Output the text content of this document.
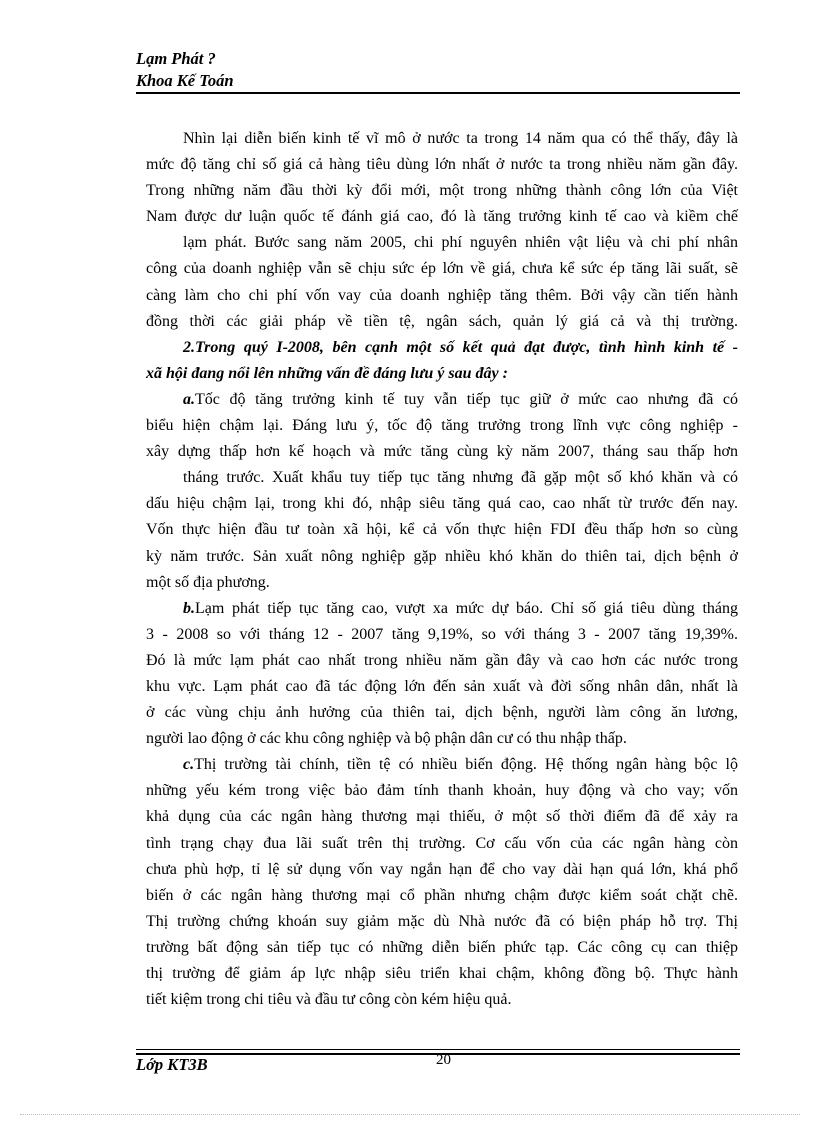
Lạm Phát ?
Khoa Kế Toán
Nhìn lại diễn biến kinh tế vĩ mô ở nước ta trong 14 năm qua có thể thấy, đây là
mức độ tăng chỉ số giá cả hàng tiêu dùng lớn nhất ở nước ta trong nhiều năm gần đây.
Trong những năm đầu thời kỳ đổi mới, một trong những thành công lớn của Việt
Nam được dư luận quốc tế đánh giá cao, đó là tăng trưởng kinh tế cao và kiềm chế
lạm phát. Bước sang năm 2005, chi phí nguyên nhiên vật liệu và chi phí nhân
công của doanh nghiệp vẫn sẽ chịu sức ép lớn về giá, chưa kể sức ép tăng lãi suất, sẽ
càng làm cho chi phí vốn vay của doanh nghiệp tăng thêm. Bởi vậy cần tiến hành
đồng thời các giải pháp về tiền tệ, ngân sách, quản lý giá cả và thị trường.
2.Trong quý I-2008, bên cạnh một số kết quả đạt được, tình hình kinh tế -
xã hội đang nổi lên những vấn đề đáng lưu ý sau đây :
a.Tốc độ tăng trưởng kinh tế tuy vẫn tiếp tục giữ ở mức cao nhưng đã có
biểu hiện chậm lại. Đáng lưu ý, tốc độ tăng trưởng trong lĩnh vực công nghiệp -
xây dựng thấp hơn kế hoạch và mức tăng cùng kỳ năm 2007, tháng sau thấp hơn
tháng trước. Xuất khẩu tuy tiếp tục tăng nhưng đã gặp một số khó khăn và có
dấu hiệu chậm lại, trong khi đó, nhập siêu tăng quá cao, cao nhất từ trước đến nay.
Vốn thực hiện đầu tư toàn xã hội, kể cả vốn thực hiện FDI đều thấp hơn so cùng
kỳ năm trước. Sản xuất nông nghiệp gặp nhiều khó khăn do thiên tai, dịch bệnh ở
một số địa phương.
b.Lạm phát tiếp tục tăng cao, vượt xa mức dự báo. Chỉ số giá tiêu dùng tháng
3 - 2008 so với tháng 12 - 2007 tăng 9,19%, so với tháng 3 - 2007 tăng 19,39%.
Đó là mức lạm phát cao nhất trong nhiều năm gần đây và cao hơn các nước trong
khu vực. Lạm phát cao đã tác động lớn đến sản xuất và đời sống nhân dân, nhất là
ở các vùng chịu ảnh hưởng của thiên tai, dịch bệnh, người làm công ăn lương,
người lao động ở các khu công nghiệp và bộ phận dân cư có thu nhập thấp.
c.Thị trường tài chính, tiền tệ có nhiều biến động. Hệ thống ngân hàng bộc lộ
những yếu kém trong việc bảo đảm tính thanh khoản, huy động và cho vay; vốn
khả dụng của các ngân hàng thương mại thiếu, ở một số thời điểm đã để xảy ra
tình trạng chạy đua lãi suất trên thị trường. Cơ cấu vốn của các ngân hàng còn
chưa phù hợp, tỉ lệ sử dụng vốn vay ngắn hạn để cho vay dài hạn quá lớn, khá phổ
biến ở các ngân hàng thương mại cổ phần nhưng chậm được kiểm soát chặt chẽ.
Thị trường chứng khoán suy giảm mặc dù Nhà nước đã có biện pháp hỗ trợ. Thị
trường bất động sản tiếp tục có những diễn biến phức tạp. Các công cụ can thiệp
thị trường để giảm áp lực nhập siêu triển khai chậm, không đồng bộ. Thực hành
tiết kiệm trong chi tiêu và đầu tư công còn kém hiệu quả.
Lớp KT3B	20
